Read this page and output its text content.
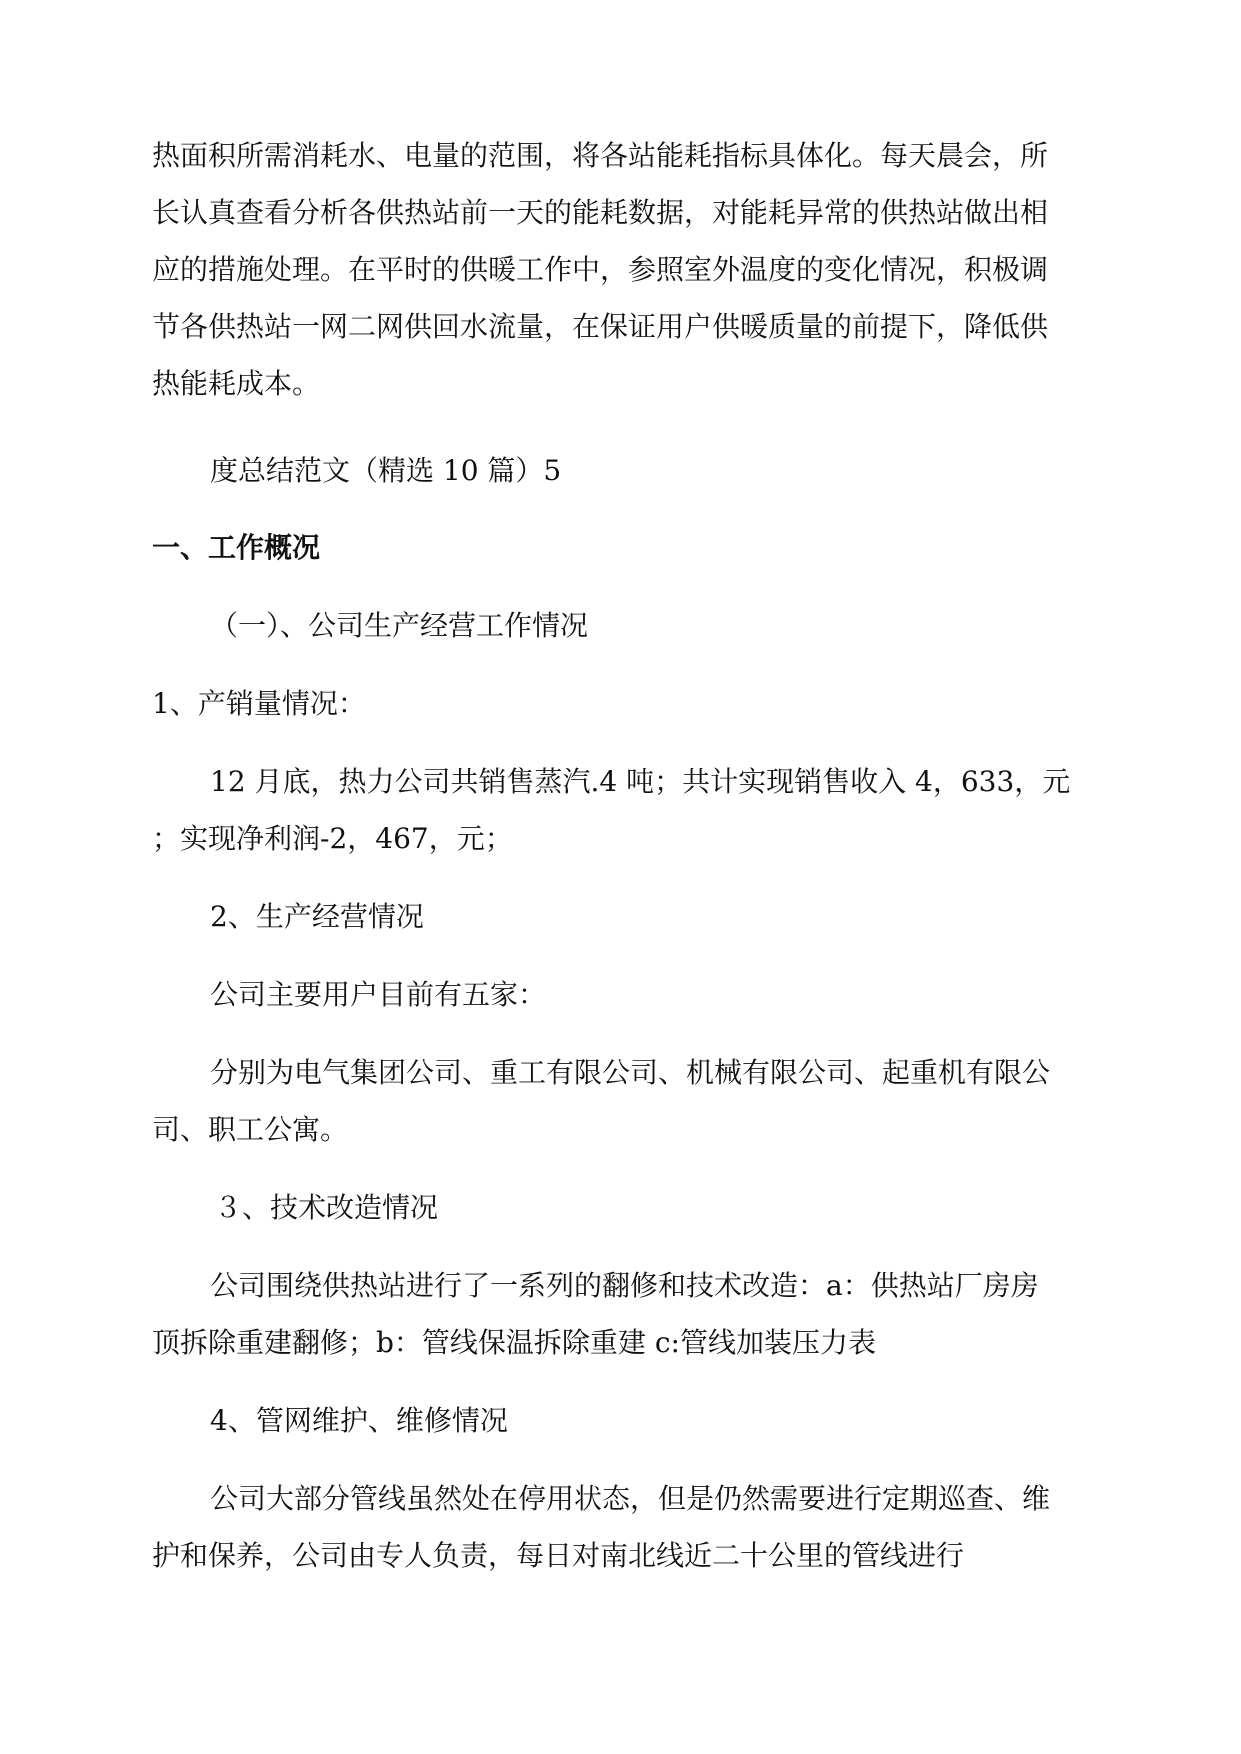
热面积所需消耗水、电量的范围，将各站能耗指标具体化。每天晨会，所
长认真查看分析各供热站前一天的能耗数据，对能耗异常的供热站做出相
应的措施处理。在平时的供暖工作中，参照室外温度的变化情况，积极调
节各供热站一网二网供回水流量，在保证用户供暖质量的前提下，降低供
热能耗成本。
度总结范文（精选 10 篇）5
一、工作概况
（一）、公司生产经营工作情况
1、产销量情况：
12 月底，热力公司共销售蒸汽.4 吨；共计实现销售收入 4，633，元
；实现净利润-2，467，元；
2、生产经营情况
公司主要用户目前有五家：
分别为电气集团公司、重工有限公司、机械有限公司、起重机有限公
司、职工公寓。
３、技术改造情况
公司围绕供热站进行了一系列的翻修和技术改造：a：供热站厂房房
顶拆除重建翻修；b：管线保温拆除重建 c:管线加装压力表
4、管网维护、维修情况
公司大部分管线虽然处在停用状态，但是仍然需要进行定期巡查、维
护和保养，公司由专人负责，每日对南北线近二十公里的管线进行
